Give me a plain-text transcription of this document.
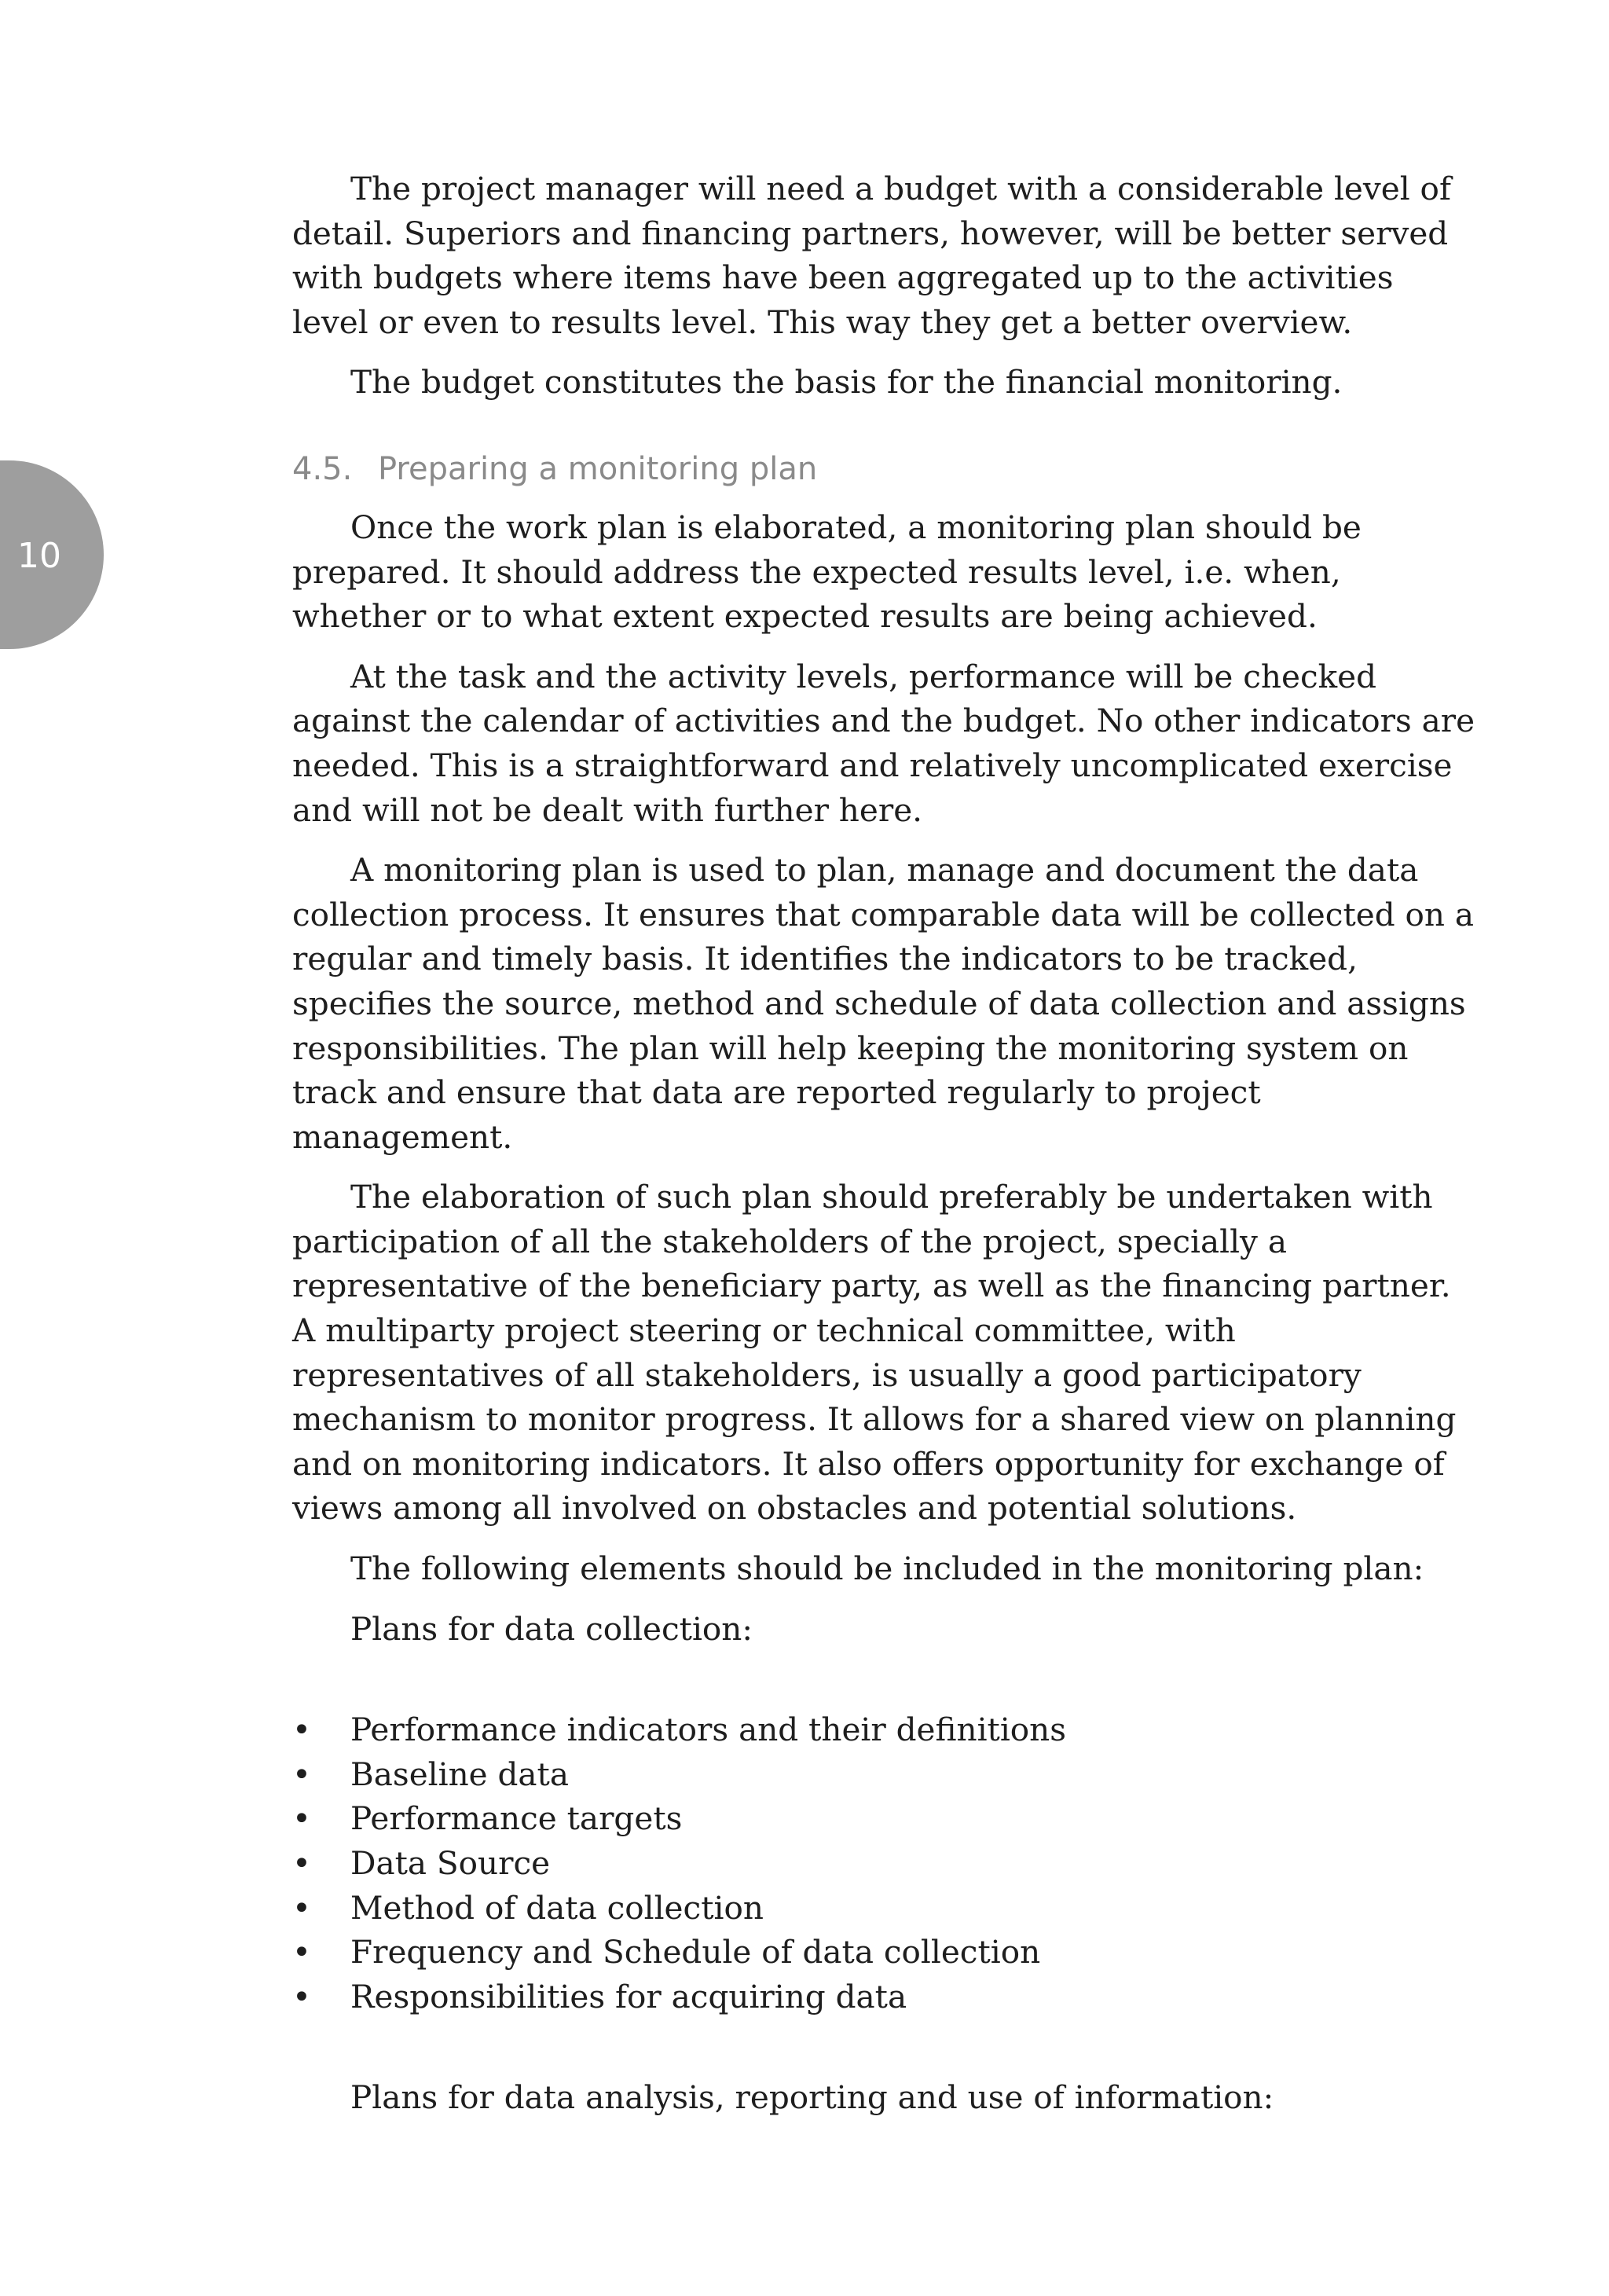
10

The project manager will need a budget with a considerable level of detail. Superiors and financing partners, however, will be better served with budgets where items have been aggregated up to the activities level or even to results level. This way they get a better overview.

The budget constitutes the basis for the financial monitoring.

4.5. Preparing a monitoring plan

Once the work plan is elaborated, a monitoring plan should be prepared. It should address the expected results level, i.e. when, whether or to what extent expected results are being achieved.

At the task and the activity levels, performance will be checked against the calendar of activities and the budget. No other indicators are needed. This is a straightforward and relatively uncomplicated exercise and will not be dealt with further here.

A monitoring plan is used to plan, manage and document the data collection process. It ensures that comparable data will be collected on a regular and timely basis. It identifies the indicators to be tracked, specifies the source, method and schedule of data collection and assigns responsibilities. The plan will help keeping the monitoring system on track and ensure that data are reported regularly to project management.

The elaboration of such plan should preferably be undertaken with participation of all the stakeholders of the project, specially a representative of the beneficiary party, as well as the financing partner. A multiparty project steering or technical committee, with representatives of all stakeholders, is usually a good participatory mechanism to monitor progress. It allows for a shared view on planning and on monitoring indicators. It also offers opportunity for exchange of views among all involved on obstacles and potential solutions.

The following elements should be included in the monitoring plan:

Plans for data collection:

• Performance indicators and their definitions
• Baseline data
• Performance targets
• Data Source
• Method of data collection
• Frequency and Schedule of data collection
• Responsibilities for acquiring data

Plans for data analysis, reporting and use of information:
